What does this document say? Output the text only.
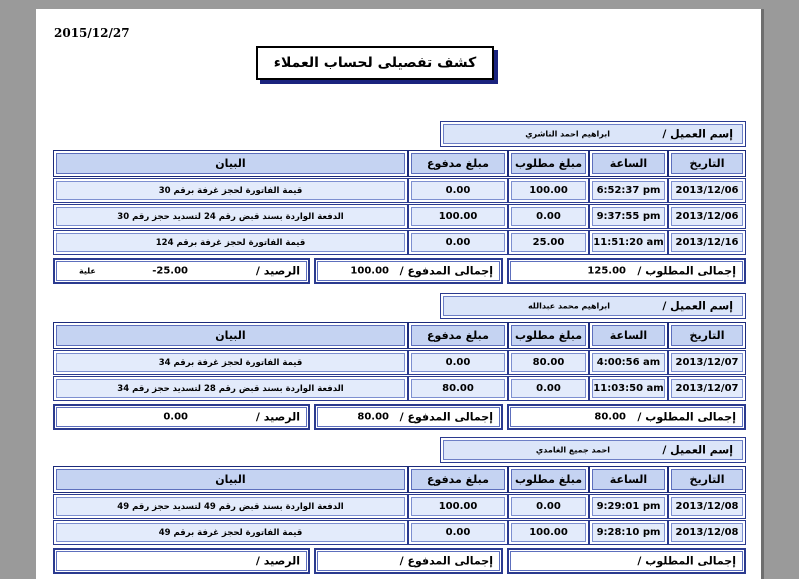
2015/12/27
كشف تفصيلى لحساب العملاء
إسم العميل /
ابراهيم احمد الناشري
التاريخ
الساعة
مبلغ مطلوب
مبلغ مدفوع
البيان
2013/12/06
6:52:37 pm
100.00
0.00
قيمة الفاتورة لحجز غرفة برقم 30
2013/12/06
9:37:55 pm
0.00
100.00
الدفعة الواردة بسند قبض رقم 24 لتسديد حجز رقم 30
2013/12/16
11:51:20 am
25.00
0.00
قيمة الفاتورة لحجز غرفة برقم 124
إجمالى المطلوب /
125.00
إجمالى المدفوع /
100.00
الرصيد /
-25.00
علية
إسم العميل /
ابراهيم محمد عبدالله
التاريخ
الساعة
مبلغ مطلوب
مبلغ مدفوع
البيان
2013/12/07
4:00:56 am
80.00
0.00
قيمة الفاتورة لحجز غرفة برقم 34
2013/12/07
11:03:50 am
0.00
80.00
الدفعة الواردة بسند قبض رقم 28 لتسديد حجز رقم 34
إجمالى المطلوب /
80.00
إجمالى المدفوع /
80.00
الرصيد /
0.00
إسم العميل /
احمد جميع الغامدي
التاريخ
الساعة
مبلغ مطلوب
مبلغ مدفوع
البيان
2013/12/08
9:29:01 pm
0.00
100.00
الدفعة الواردة بسند قبض رقم 49 لتسديد حجز رقم 49
2013/12/08
9:28:10 pm
100.00
0.00
قيمة الفاتورة لحجز غرفة برقم 49
إجمالى المطلوب /
إجمالى المدفوع /
الرصيد /
